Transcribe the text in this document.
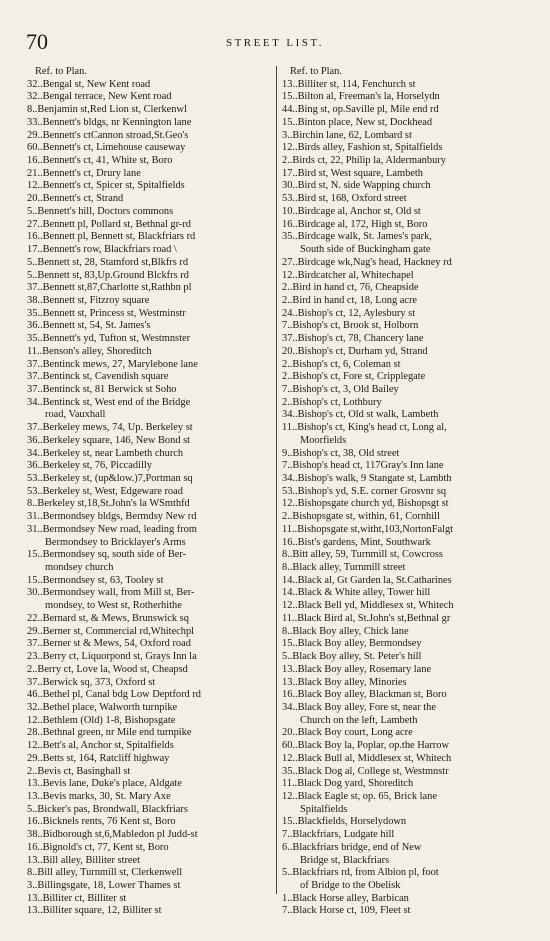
70	STREET LIST.
Ref. to Plan.
32..Bengal st, New Kent road
32..Bengal terrace, New Kent road
8..Benjamin st,Red Lion st, Clerkenwl
33..Bennett's bldgs, nr Kennington lane
29..Bennett's ctCannon stroad,St.Geo's
60..Bennett's ct, Limehouse causeway
16..Bennett's ct, 41, White st, Boro
21..Bennett's ct, Drury lane
12..Bennett's ct, Spicer st, Spitalfields
20..Bennett's ct, Strand
5..Bennett's hill, Doctors commons
27..Bennett pl, Pollard st, Bethnal gr-rd
16..Bennett pl, Bennett st, Blackfriars rd
17..Bennett's row, Blackfriars road \
5..Bennett st, 28, Stamford st,Blkfrs rd
5..Bennett st, 83,Up.Ground Blckfrs rd
37..Bennett st,87,Charlotte st,Rathbn pl
38..Bennett st, Fitzroy square
35..Bennett st, Princess st, Westminstr
36..Bennett st, 54, St. James's
35..Bennett's yd, Tufton st, Westmnster
11..Benson's alley, Shoreditch
37..Bentinck mews, 27, Marylebone lane
37..Bentinck st, Cavendish square
37..Bentinck st, 81 Berwick st Soho
34..Bentinck st, West end of the Bridge
road, Vauxhall
37..Berkeley mews, 74, Up. Berkeley st
36..Berkeley square, 146, New Bond st
34..Berkeley st, near Lambeth church
36..Berkeley st, 76, Piccadilly
53..Berkeley st, (up&low.)7,Portman sq
53..Berkeley st, West, Edgeware road
8..Berkeley st,18,St.John's la WSmthfd
31..Bermondsey bldgs, Bermdsy New rd
31..Bermondsey New road, leading from
Bermondsey to Bricklayer's Arms
15..Bermondsey sq, south side of Ber-
mondsey church
15..Bermondsey st, 63, Tooley st
30..Bermondsey wall, from Mill st, Ber-
mondsey, to West st, Rotherhithe
22..Bernard st, & Mews, Brunswick sq
29..Berner st, Commercial rd,Whitechpl
37..Berner st & Mews, 54, Oxford road
23..Berry ct, Liquorpond st, Grays Inn la
2..Berry ct, Love la, Wood st, Cheapsd
37..Berwick sq, 373, Oxford st
46..Bethel pl, Canal bdg Low Deptford rd
32..Bethel place, Walworth turnpike
12..Bethlem (Old) 1-8, Bishopsgate
28..Bethnal green, nr Mile end turnpike
12..Bett's al, Anchor st, Spitalfields
29..Betts st, 164, Ratcliff highway
2..Bevis ct, Basinghall st
13..Bevis lane, Duke's place, Aldgate
13..Bevis marks, 30, St. Mary Axe
5..Bicker's pas, Brondwall, Blackfriars
16..Bicknels rents, 76 Kent st, Boro
38..Bidborough st,6,Mabledon pl Judd-st
16..Bignold's ct, 77, Kent st, Boro
13..Bill alley, Billiter street
8..Bill alley, Turnmill st, Clerkenwell
3..Billingsgate, 18, Lower Thames st
13..Billiter ct, Billiter st
13..Billiter square, 12, Billiter st
Ref. to Plan.
13..Billiter st, 114, Fenchurch st
15..Bilton al, Freeman's la, Horselydn
44..Bing st, op.Saville pl, Mile end rd
15..Binton place, New st, Dockhead
3..Birchin lane, 62, Lombard st
12..Birds alley, Fashion st, Spitalfields
2..Birds ct, 22, Philip la, Aldermanbury
17..Bird st, West square, Lambeth
30..Bird st, N. side Wapping church
53..Bird st, 168, Oxford street
10..Birdcage al, Anchor st, Old st
16..Birdcage al, 172, High st, Boro
35..Birdcage walk, St. James's park,
South side of Buckingham gate
27..Birdcage wk,Nag's head, Hackney rd
12..Birdcatcher al, Whitechapel
2..Bird in hand ct, 76, Cheapside
2..Bird in hand ct, 18, Long acre
24..Bishop's ct, 12, Aylesbury st
7..Bishop's ct, Brook st, Holborn
37..Bishop's ct, 78, Chancery lane
20..Bishop's ct, Durham yd, Strand
2..Bishop's ct, 6, Coleman st
2..Bishop's ct, Fore st, Cripplegate
7..Bishop's ct, 3, Old Bailey
2..Bishop's ct, Lothbury
34..Bishop's ct, Old st walk, Lambeth
11..Bishop's ct, King's head ct, Long al,
Moorfields
9..Bishop's ct, 38, Old street
7..Bishop's head ct, 117Gray's Inn lane
34..Bishop's walk, 9 Stangate st, Lambth
53..Bishop's yd, S.E. corner Grosvnr sq
12..Bishopsgate church yd, Bishopsgt st
2..Bishopsgate st, within, 61, Cornhill
11..Bishopsgate st,witht,103,NortonFalgt
16..Bist's gardens, Mint, Southwark
8..Bitt alley, 59, Turnmill st, Cowcross
8..Black alley, Turnmill street
14..Black al, Gt Garden la, St.Catharines
14..Black & White alley, Tower hill
12..Black Bell yd, Middlesex st, Whitech
11..Black Bird al, St.John's st,Bethnal gr
8..Black Boy alley, Chick lane
15..Black Boy alley, Bermondsey
5..Black Boy alley, St. Peter's hill
13..Black Boy alley, Rosemary lane
13..Black Boy alley, Minories
16..Black Boy alley, Blackman st, Boro
34..Black Boy alley, Fore st, near the
Church on the left, Lambeth
20..Black Boy court, Long acre
60..Black Boy la, Poplar, op.the Harrow
12..Black Bull al, Middlesex st, Whitech
35..Black Dog al, College st, Westmnstr
11..Black Dog yard, Shoreditch
12..Black Eagle st, op. 65, Brick lane
Spitalfields
15..Blackfields, Horselydown
7..Blackfriars, Ludgate hill
6..Blackfriars bridge, end of New
Bridge st, Blackfriars
5..Blackfriars rd, from Albion pl, foot
of Bridge to the Obelisk
1..Black Horse alley, Barbican
7..Black Horse ct, 109, Fleet st
